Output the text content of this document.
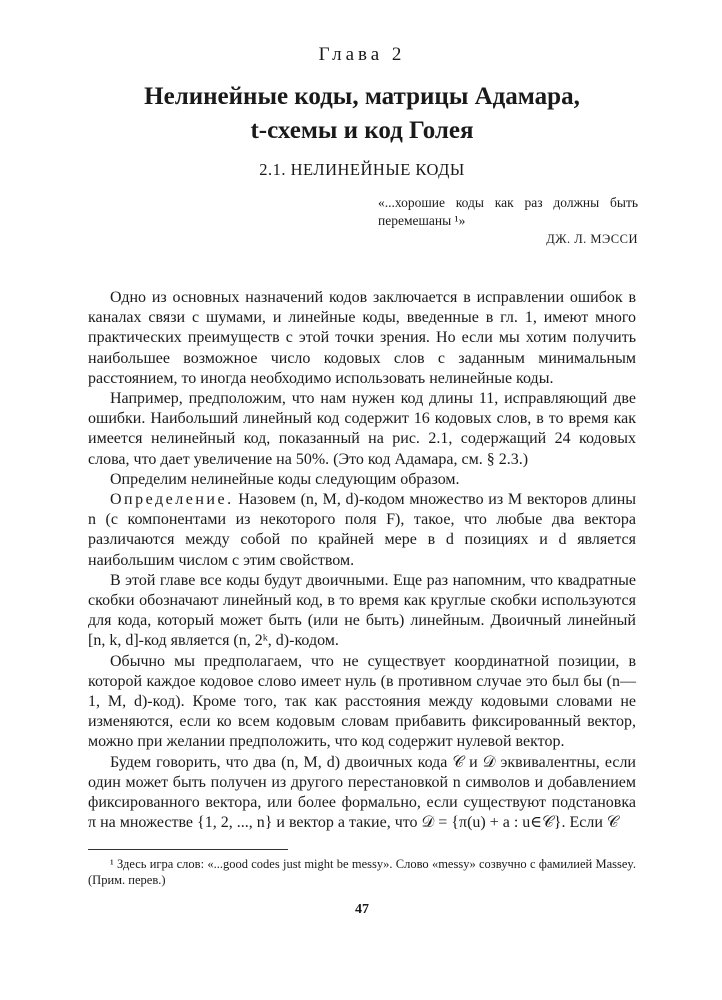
Глава 2
Нелинейные коды, матрицы Адамара,
t-схемы и код Голея
2.1. НЕЛИНЕЙНЫЕ КОДЫ
«...хорошие коды как раз должны быть перемешаны ¹»
ДЖ. Л. МЭССИ

Одно из основных назначений кодов заключается в исправлении ошибок в каналах связи с шумами, и линейные коды, введенные в гл. 1, имеют много практических преимуществ с этой точки зрения. Но если мы хотим получить наибольшее возможное число кодовых слов с заданным минимальным расстоянием, то иногда необходимо использовать нелинейные коды.

Например, предположим, что нам нужен код длины 11, исправляющий две ошибки. Наибольший линейный код содержит 16 кодовых слов, в то время как имеется нелинейный код, показанный на рис. 2.1, содержащий 24 кодовых слова, что дает увеличение на 50%. (Это код Адамара, см. § 2.3.)

Определим нелинейные коды следующим образом.

Определение. Назовем (n, M, d)-кодом множество из M векторов длины n (с компонентами из некоторого поля F), такое, что любые два вектора различаются между собой по крайней мере в d позициях и d является наибольшим числом с этим свойством.

В этой главе все коды будут двоичными. Еще раз напомним, что квадратные скобки обозначают линейный код, в то время как круглые скобки используются для кода, который может быть (или не быть) линейным. Двоичный линейный [n, k, d]-код является (n, 2ᵏ, d)-кодом.

Обычно мы предполагаем, что не существует координатной позиции, в которой каждое кодовое слово имеет нуль (в противном случае это был бы (n—1, M, d)-код). Кроме того, так как расстояния между кодовыми словами не изменяются, если ко всем кодовым словам прибавить фиксированный вектор, можно при желании предположить, что код содержит нулевой вектор.

Будем говорить, что два (n, M, d) двоичных кода 𝒞 и 𝒟 эквивалентны, если один может быть получен из другого перестановкой n символов и добавлением фиксированного вектора, или более формально, если существуют подстановка π на множестве {1, 2, ..., n} и вектор a такие, что 𝒟 = {π(u) + a : u∈𝒞}. Если 𝒞

¹ Здесь игра слов: «...good codes just might be messy». Слово «messy» созвучно с фамилией Massey. (Прим. перев.)
47
